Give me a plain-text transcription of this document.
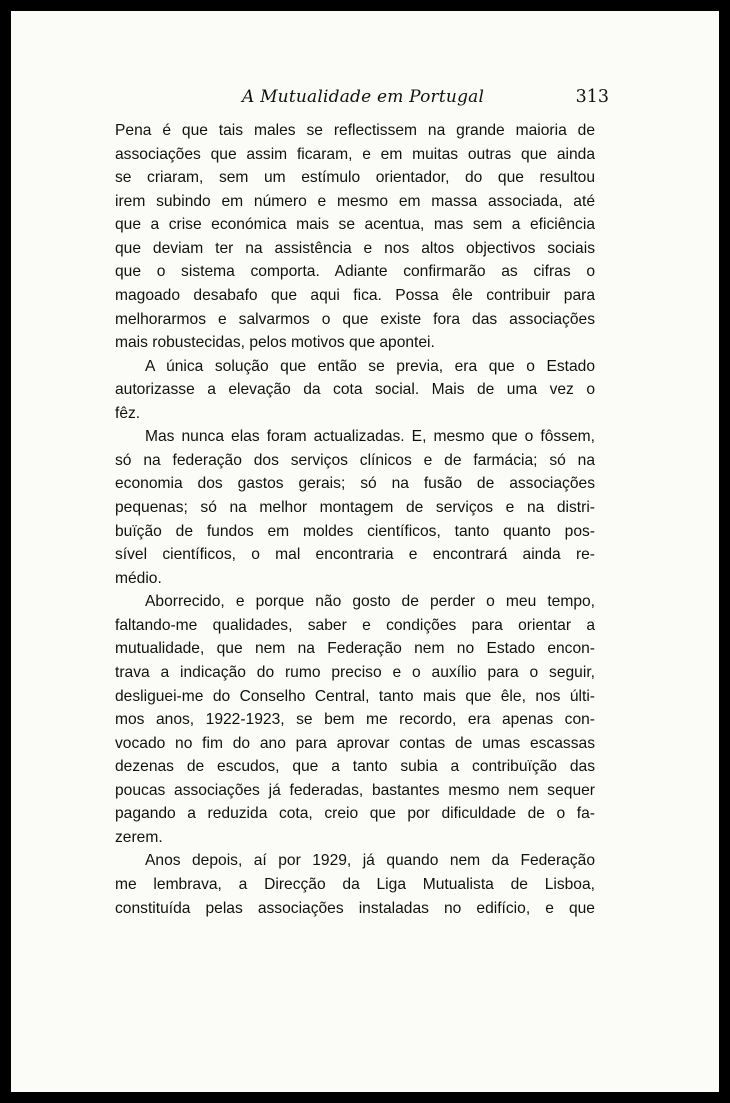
A Mutualidade em Portugal	313
Pena é que tais males se reflectissem na grande maioria de
associações que assim ficaram, e em muitas outras que ainda
se criaram, sem um estímulo orientador, do que resultou
irem subindo em número e mesmo em massa associada, até
que a crise económica mais se acentua, mas sem a eficiência
que deviam ter na assistência e nos altos objectivos sociais
que o sistema comporta. Adiante confirmarão as cifras o
magoado desabafo que aqui fica. Possa êle contribuir para
melhorarmos e salvarmos o que existe fora das associações
mais robustecidas, pelos motivos que apontei.
A única solução que então se previa, era que o Estado
autorizasse a elevação da cota social. Mais de uma vez o
fêz.
Mas nunca elas foram actualizadas. E, mesmo que o fôssem,
só na federação dos serviços clínicos e de farmácia; só na
economia dos gastos gerais; só na fusão de associações
pequenas; só na melhor montagem de serviços e na distri-
buïção de fundos em moldes científicos, tanto quanto pos-
sível científicos, o mal encontraria e encontrará ainda re-
médio.
Aborrecido, e porque não gosto de perder o meu tempo,
faltando-me qualidades, saber e condições para orientar a
mutualidade, que nem na Federação nem no Estado encon-
trava a indicação do rumo preciso e o auxílio para o seguir,
desliguei-me do Conselho Central, tanto mais que êle, nos últi-
mos anos, 1922-1923, se bem me recordo, era apenas con-
vocado no fim do ano para aprovar contas de umas escassas
dezenas de escudos, que a tanto subia a contribuïção das
poucas associações já federadas, bastantes mesmo nem sequer
pagando a reduzida cota, creio que por dificuldade de o fa-
zerem.
Anos depois, aí por 1929, já quando nem da Federação
me lembrava, a Direcção da Liga Mutualista de Lisboa,
constituída pelas associações instaladas no edifício, e que
